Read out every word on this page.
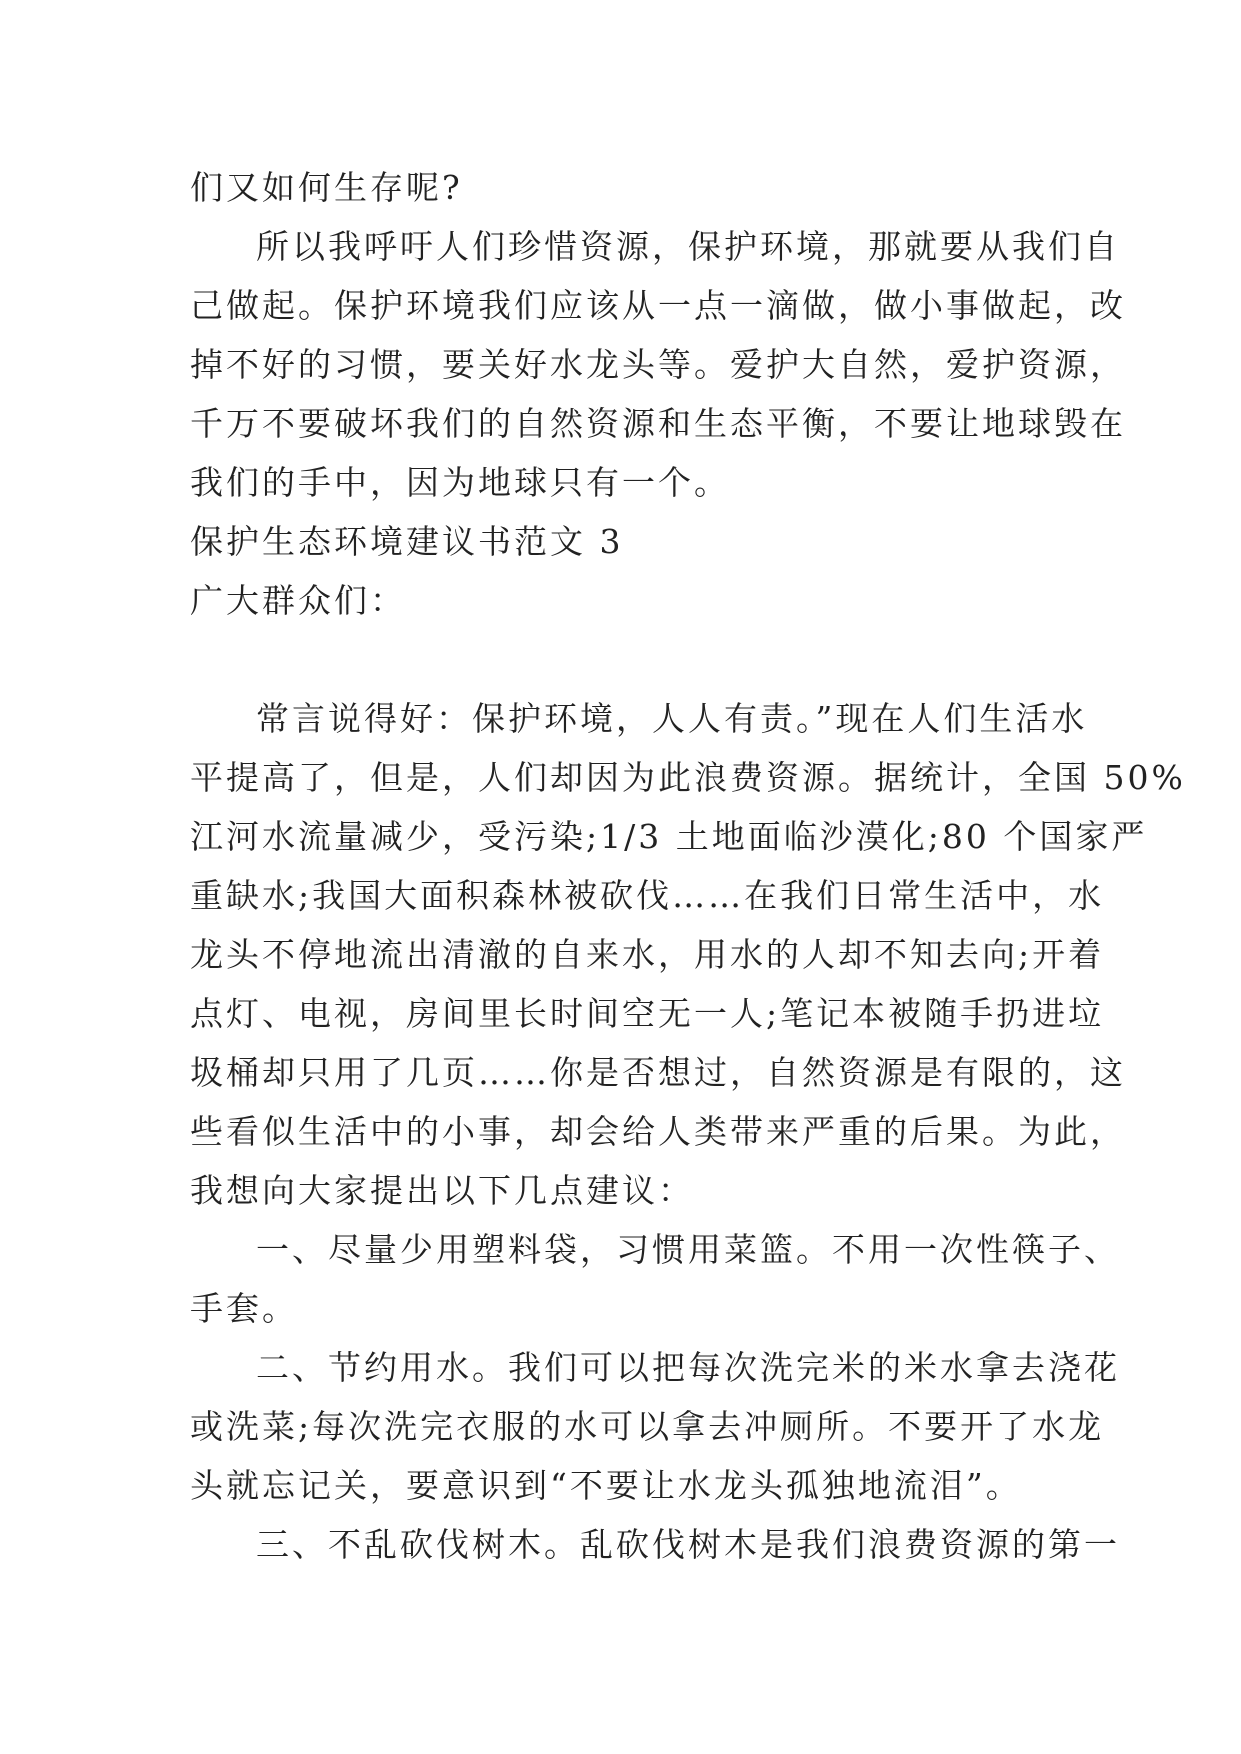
们又如何生存呢?
所以我呼吁人们珍惜资源，保护环境，那就要从我们自
己做起。保护环境我们应该从一点一滴做，做小事做起，改
掉不好的习惯，要关好水龙头等。爱护大自然，爱护资源，
千万不要破坏我们的自然资源和生态平衡，不要让地球毁在
我们的手中，因为地球只有一个。
保护生态环境建议书范文 3
广大群众们：
常言说得好：保护环境，人人有责。”现在人们生活水
平提高了，但是，人们却因为此浪费资源。据统计，全国 50%
江河水流量减少，受污染;1/3 土地面临沙漠化;80 个国家严
重缺水;我国大面积森林被砍伐……在我们日常生活中，水
龙头不停地流出清澈的自来水，用水的人却不知去向;开着
点灯、电视，房间里长时间空无一人;笔记本被随手扔进垃
圾桶却只用了几页……你是否想过，自然资源是有限的，这
些看似生活中的小事，却会给人类带来严重的后果。为此，
我想向大家提出以下几点建议：
一、尽量少用塑料袋，习惯用菜篮。不用一次性筷子、
手套。
二、节约用水。我们可以把每次洗完米的米水拿去浇花
或洗菜;每次洗完衣服的水可以拿去冲厕所。不要开了水龙
头就忘记关，要意识到“不要让水龙头孤独地流泪”。
三、不乱砍伐树木。乱砍伐树木是我们浪费资源的第一
